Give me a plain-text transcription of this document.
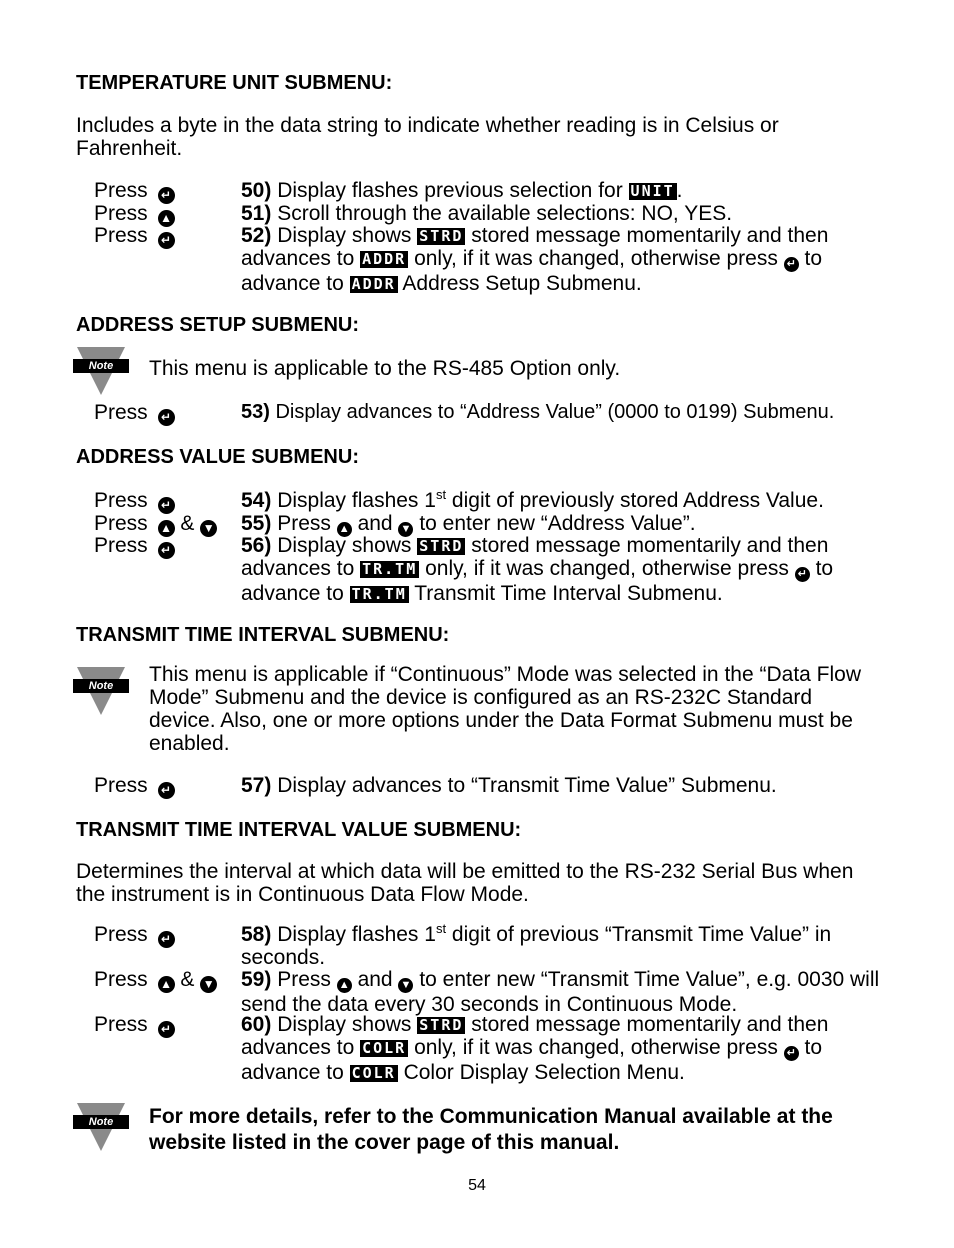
TEMPERATURE UNIT SUBMENU:
Includes a byte in the data string to indicate whether reading is in Celsius or Fahrenheit.
Press ↵	50) Display flashes previous selection for UNIT.
Press ▲	51) Scroll through the available selections: NO, YES.
Press ↵	52) Display shows STRD stored message momentarily and then advances to ADDR only, if it was changed, otherwise press ↵ to advance to ADDR Address Setup Submenu.
ADDRESS SETUP SUBMENU:
Note	This menu is applicable to the RS-485 Option only.
Press ↵	53) Display advances to “Address Value” (0000 to 0199) Submenu.
ADDRESS VALUE SUBMENU:
Press ↵	54) Display flashes 1st digit of previously stored Address Value.
Press ▲ & ▼ 55) Press ▲ and ▼ to enter new “Address Value”.
Press ↵	56) Display shows STRD stored message momentarily and then advances to TR.TM only, if it was changed, otherwise press ↵ to advance to TR.TM Transmit Time Interval Submenu.
TRANSMIT TIME INTERVAL SUBMENU:
Note	This menu is applicable if “Continuous” Mode was selected in the “Data Flow Mode” Submenu and the device is configured as an RS-232C Standard device. Also, one or more options under the Data Format Submenu must be enabled.
Press ↵	57) Display advances to “Transmit Time Value” Submenu.
TRANSMIT TIME INTERVAL VALUE SUBMENU:
Determines the interval at which data will be emitted to the RS-232 Serial Bus when the instrument is in Continuous Data Flow Mode.
Press ↵	58) Display flashes 1st digit of previous “Transmit Time Value” in seconds.
Press ▲ & ▼ 59) Press ▲ and ▼ to enter new “Transmit Time Value”, e.g. 0030 will send the data every 30 seconds in Continuous Mode.
Press ↵	60) Display shows STRD stored message momentarily and then advances to COLR only, if it was changed, otherwise press ↵ to advance to COLR Color Display Selection Menu.
Note	For more details, refer to the Communication Manual available at the website listed in the cover page of this manual.
54
